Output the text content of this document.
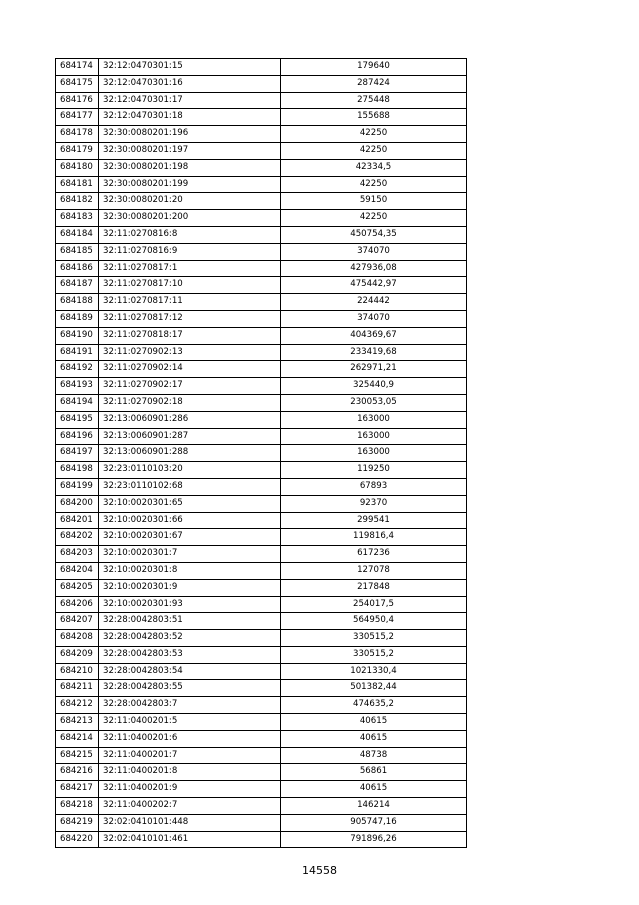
684174	32:12:0470301:15	179640
684175	32:12:0470301:16	287424
684176	32:12:0470301:17	275448
684177	32:12:0470301:18	155688
684178	32:30:0080201:196	42250
684179	32:30:0080201:197	42250
684180	32:30:0080201:198	42334,5
684181	32:30:0080201:199	42250
684182	32:30:0080201:20	59150
684183	32:30:0080201:200	42250
684184	32:11:0270816:8	450754,35
684185	32:11:0270816:9	374070
684186	32:11:0270817:1	427936,08
684187	32:11:0270817:10	475442,97
684188	32:11:0270817:11	224442
684189	32:11:0270817:12	374070
684190	32:11:0270818:17	404369,67
684191	32:11:0270902:13	233419,68
684192	32:11:0270902:14	262971,21
684193	32:11:0270902:17	325440,9
684194	32:11:0270902:18	230053,05
684195	32:13:0060901:286	163000
684196	32:13:0060901:287	163000
684197	32:13:0060901:288	163000
684198	32:23:0110103:20	119250
684199	32:23:0110102:68	67893
684200	32:10:0020301:65	92370
684201	32:10:0020301:66	299541
684202	32:10:0020301:67	119816,4
684203	32:10:0020301:7	617236
684204	32:10:0020301:8	127078
684205	32:10:0020301:9	217848
684206	32:10:0020301:93	254017,5
684207	32:28:0042803:51	564950,4
684208	32:28:0042803:52	330515,2
684209	32:28:0042803:53	330515,2
684210	32:28:0042803:54	1021330,4
684211	32:28:0042803:55	501382,44
684212	32:28:0042803:7	474635,2
684213	32:11:0400201:5	40615
684214	32:11:0400201:6	40615
684215	32:11:0400201:7	48738
684216	32:11:0400201:8	56861
684217	32:11:0400201:9	40615
684218	32:11:0400202:7	146214
684219	32:02:0410101:448	905747,16
684220	32:02:0410101:461	791896,26
14558
